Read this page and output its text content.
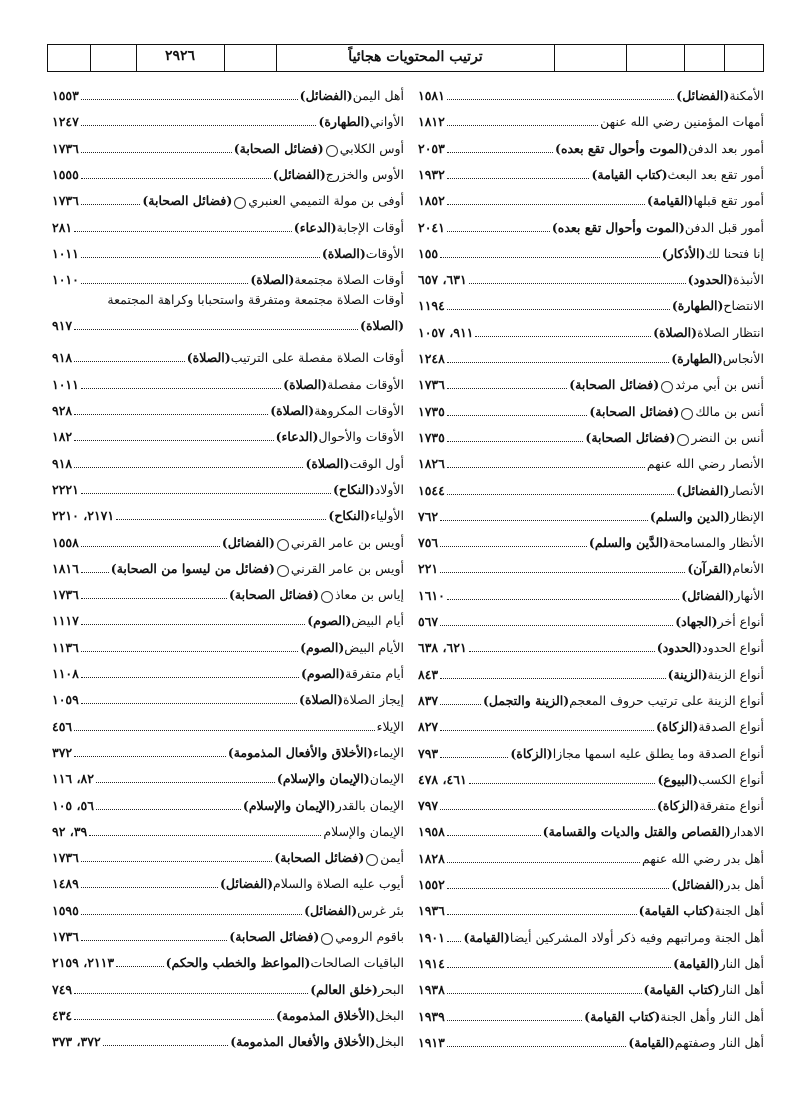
ترتيب المحتويات هجائياً
٢٩٢٦
الأمكنة
( الفضائل )
١٥٨١
أمهات المؤمنين رضي الله عنهن
١٨١٢
أمور بعد الدفن
( الموت وأحوال تقع بعده )
٢٠٥٣
أمور تقع بعد البعث
( كتاب القيامة )
١٩٣٢
أمور تقع قبلها
( القيامة )
١٨٥٢
أمور قبل الدفن
( الموت وأحوال تقع بعده )
٢٠٤١
إنا فتحنا لك
( الأذكار )
١٥٥
الأنبذة
( الحدود )
٦٣١، ٦٥٧
الانتضاح
( الطهارة )
١١٩٤
انتظار الصلاة
( الصلاة )
٩١١، ١٠٥٧
الأنجاس
( الطهارة )
١٢٤٨
أنس بن أبي مرثد
( فضائل الصحابة )
١٧٣٦
أنس بن مالك
( فضائل الصحابة )
١٧٣٥
أنس بن النضر
( فضائل الصحابة )
١٧٣٥
الأنصار رضي الله عنهم
١٨٢٦
الأنصار
( الفضائل )
١٥٤٤
الإنظار
( الدين والسلم )
٧٦٢
الأنظار والمسامحة
( الدَّين والسلم )
٧٥٦
الأنعام
( القرآن )
٢٢١
الأنهار
( الفضائل )
١٦١٠
أنواع أخر
( الجهاد )
٥٦٧
أنواع الحدود
( الحدود )
٦٢١، ٦٣٨
أنواع الزينة
( الزينة )
٨٤٣
أنواع الزينة على ترتيب حروف المعجم
( الزينة والتجمل )
٨٣٧
أنواع الصدقة
( الزكاة )
٨٢٧
أنواع الصدقة وما يطلق عليه اسمها مجازا
( الزكاة )
٧٩٣
أنواع الكسب
( البيوع )
٤٦١، ٤٧٨
أنواع متفرقة
( الزكاة )
٧٩٧
الاهدار
( القصاص والقتل والديات والقسامة )
١٩٥٨
أهل بدر رضي الله عنهم
١٨٢٨
أهل بدر
( الفضائل )
١٥٥٢
أهل الجنة
( كتاب القيامة )
١٩٣٦
أهل الجنة ومراتبهم وفيه ذكر أولاد المشركين أيضا
( القيامة )
١٩٠١
أهل النار
( القيامة )
١٩١٤
أهل النار
( كتاب القيامة )
١٩٣٨
أهل النار وأهل الجنة
( كتاب القيامة )
١٩٣٩
أهل النار وصفتهم
( القيامة )
١٩١٣
أهل اليمن
( الفضائل )
١٥٥٣
الأواني
( الطهارة )
١٢٤٧
أوس الكلابي
( فضائل الصحابة )
١٧٣٦
الأوس والخزرج
( الفضائل )
١٥٥٥
أوفى بن مولة التميمي العنبري
( فضائل الصحابة )
١٧٣٦
أوقات الإجابة
( الدعاء )
٢٨١
الأوقات
( الصلاة )
١٠١١
أوقات الصلاة مجتمعة
( الصلاة )
١٠١٠
أوقات الصلاة مجتمعة ومتفرقة واستحبابا وكراهة المجتمعة
( الصلاة )
٩١٧
أوقات الصلاة مفصلة على الترتيب
( الصلاة )
٩١٨
الأوقات مفصلة
( الصلاة )
١٠١١
الأوقات المكروهة
( الصلاة )
٩٢٨
الأوقات والأحوال
( الدعاء )
١٨٢
أول الوقت
( الصلاة )
٩١٨
الأولاد
( النكاح )
٢٢٢١
الأولياء
( النكاح )
٢١٧١، ٢٢١٠
أويس بن عامر القرني
( الفضائل )
١٥٥٨
أويس بن عامر القرني
( فضائل من ليسوا من الصحابة )
١٨١٦
إياس بن معاذ
( فضائل الصحابة )
١٧٣٦
أيام البيض
( الصوم )
١١١٧
الأيام البيض
( الصوم )
١١٣٦
أيام متفرقة
( الصوم )
١١٠٨
إيجاز الصلاة
( الصلاة )
١٠٥٩
الإيلاء
٤٥٦
الإيماء
( الأخلاق والأفعال المذمومة )
٣٧٢
الإيمان
( الإيمان والإسلام )
٨٢، ١١٦
الإيمان بالقدر
( الإيمان والإسلام )
٥٦، ١٠٥
الإيمان والإسلام
٣٩، ٩٢
أيمن
( فضائل الصحابة )
١٧٣٦
أيوب عليه الصلاة والسلام
( الفضائل )
١٤٨٩
بئر غرس
( الفضائل )
١٥٩٥
باقوم الرومي
( فضائل الصحابة )
١٧٣٦
الباقيات الصالحات
( المواعظ والخطب والحكم )
٢١١٣، ٢١٥٩
البحر
( خلق العالم )
٧٤٩
البخل
( الأخلاق المذمومة )
٤٣٤
البخل
( الأخلاق والأفعال المذمومة )
٣٧٢، ٣٧٣
